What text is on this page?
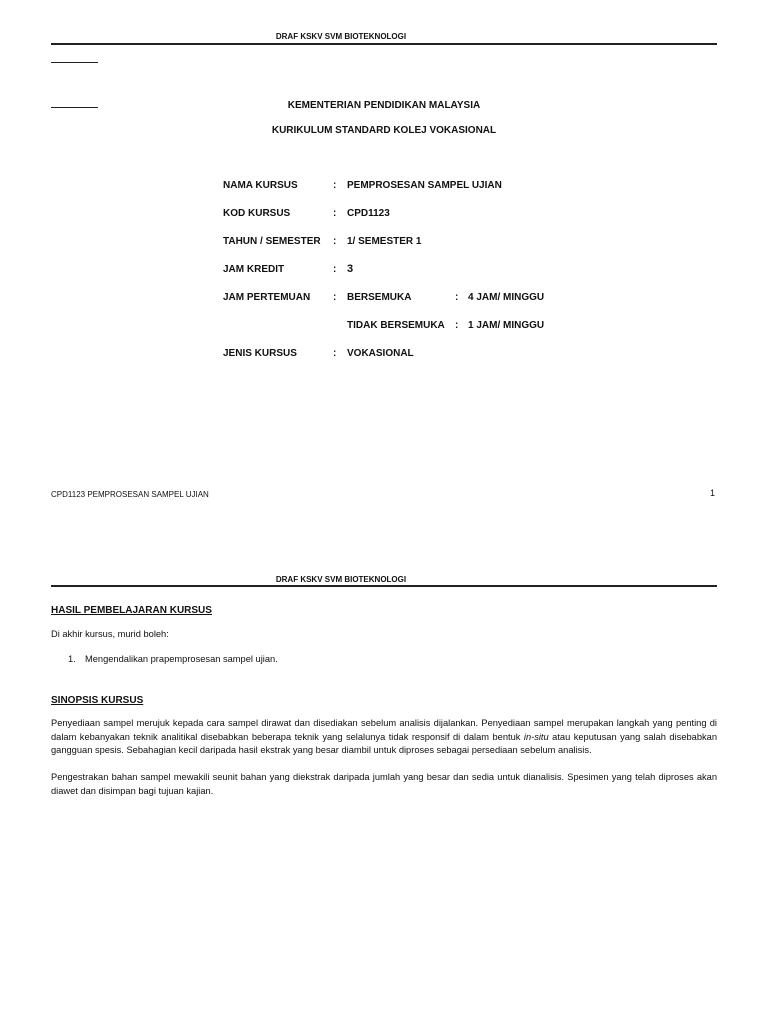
DRAF KSKV SVM BIOTEKNOLOGI
KEMENTERIAN PENDIDIKAN MALAYSIA
KURIKULUM STANDARD KOLEJ VOKASIONAL
NAMA KURSUS	: PEMPROSESAN SAMPEL UJIAN
KOD KURSUS	: CPD1123
TAHUN / SEMESTER : 1/ SEMESTER 1
JAM KREDIT	: 3
JAM PERTEMUAN : BERSEMUKA	: 4 JAM/ MINGGU
TIDAK BERSEMUKA : 1 JAM/ MINGGU
JENIS KURSUS	: VOKASIONAL
CPD1123 PEMPROSESAN SAMPEL UJIAN	1
DRAF KSKV SVM BIOTEKNOLOGI
HASIL PEMBELAJARAN KURSUS
Di akhir kursus, murid boleh:
1. Mengendalikan prapemprosesan sampel ujian.
SINOPSIS KURSUS
Penyediaan sampel merujuk kepada cara sampel dirawat dan disediakan sebelum analisis dijalankan. Penyediaan sampel merupakan langkah yang penting di dalam kebanyakan teknik analitikal disebabkan beberapa teknik yang selalunya tidak responsif di dalam bentuk in-situ atau keputusan yang salah disebabkan gangguan spesis. Sebahagian kecil daripada hasil ekstrak yang besar diambil untuk diproses sebagai persediaan sebelum analisis.
Pengestrakan bahan sampel mewakili seunit bahan yang diekstrak daripada jumlah yang besar dan sedia untuk dianalisis. Spesimen yang telah diproses akan diawet dan disimpan bagi tujuan kajian.
